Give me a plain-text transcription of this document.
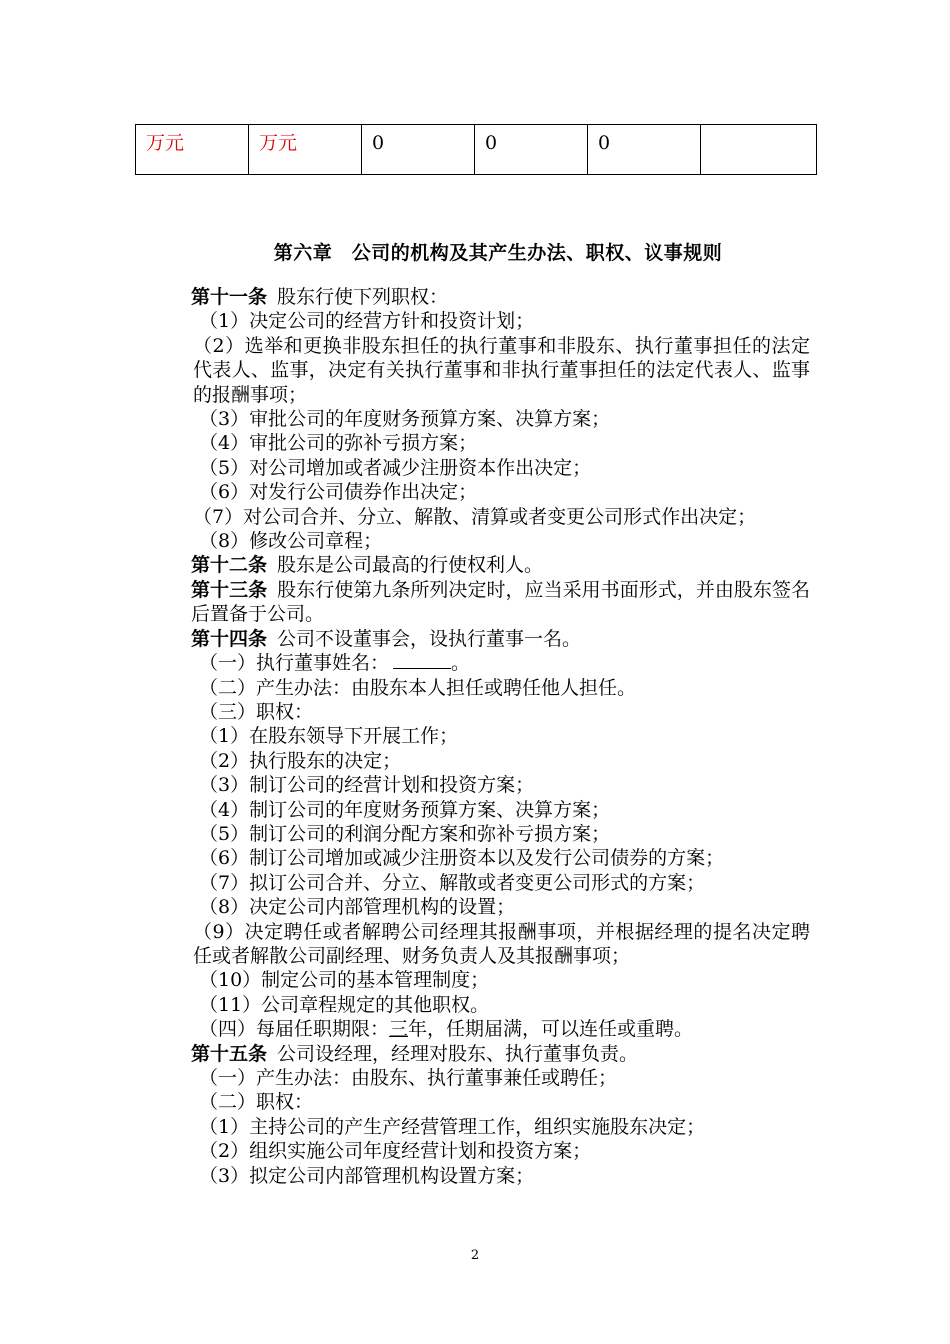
万元	万元	0	0	0	
第六章　公司的机构及其产生办法、职权、议事规则

第十一条 股东行使下列职权：

（1）决定公司的经营方针和投资计划；

（2）选举和更换非股东担任的执行董事和非股东、执行董事担任的法定代表人、监事，决定有关执行董事和非执行董事担任的法定代表人、监事的报酬事项；

（3）审批公司的年度财务预算方案、决算方案；

（4）审批公司的弥补亏损方案；

（5）对公司增加或者减少注册资本作出决定；

（6）对发行公司债券作出决定；

（7）对公司合并、分立、解散、清算或者变更公司形式作出决定；

（8）修改公司章程；

第十二条 股东是公司最高的行使权利人。

第十三条 股东行使第九条所列决定时，应当采用书面形式，并由股东签名后置备于公司。

第十四条 公司不设董事会，设执行董事一名。

（一）执行董事姓名：	。

（二）产生办法：由股东本人担任或聘任他人担任。

（三）职权：

（1）在股东领导下开展工作；

（2）执行股东的决定；

（3）制订公司的经营计划和投资方案；

（4）制订公司的年度财务预算方案、决算方案；

（5）制订公司的利润分配方案和弥补亏损方案；

（6）制订公司增加或减少注册资本以及发行公司债券的方案；

（7）拟订公司合并、分立、解散或者变更公司形式的方案；

（8）决定公司内部管理机构的设置；

（9）决定聘任或者解聘公司经理其报酬事项，并根据经理的提名决定聘任或者解散公司副经理、财务负责人及其报酬事项；

（10）制定公司的基本管理制度；

（11）公司章程规定的其他职权。

（四）每届任职期限：三年，任期届满，可以连任或重聘。

第十五条 公司设经理，经理对股东、执行董事负责。

（一）产生办法：由股东、执行董事兼任或聘任；

（二）职权：

（1）主持公司的产生产经营管理工作，组织实施股东决定；

（2）组织实施公司年度经营计划和投资方案；

（3）拟定公司内部管理机构设置方案；

2
